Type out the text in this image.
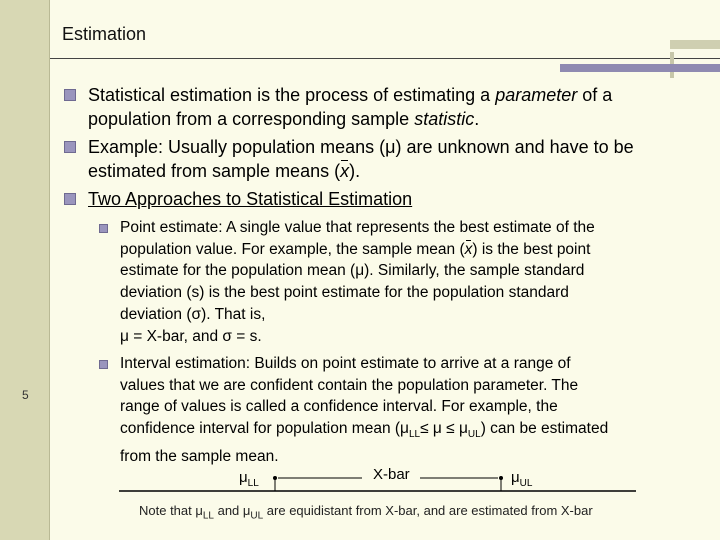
5
Estimation
Statistical estimation is the process of estimating a parameter of a
population from a corresponding sample statistic.
Example: Usually population means (μ) are unknown and have to be
estimated from sample means (x).
Two Approaches to Statistical Estimation
Point estimate: A single value that represents the best estimate of the
population value. For example, the sample mean (x) is the best point
estimate for the population mean (μ). Similarly, the sample standard
deviation (s) is the best point estimate for the population standard
deviation (σ). That is,
μ = X-bar, and σ = s.
Interval estimation: Builds on point estimate to arrive at a range of
values that we are confident contain the population parameter. The
range of values is called a confidence interval. For example, the
confidence interval for population mean $(\mu_{LL}\le \mu \le \mu_{UL})$ can be estimated
from the sample mean.
$\mu_{LL}$
X-bar	$\mu_{UL}$
Note that $\mu_{LL}$ and $\mu_{UL}$ are equidistant from X-bar, and are estimated from X-bar
